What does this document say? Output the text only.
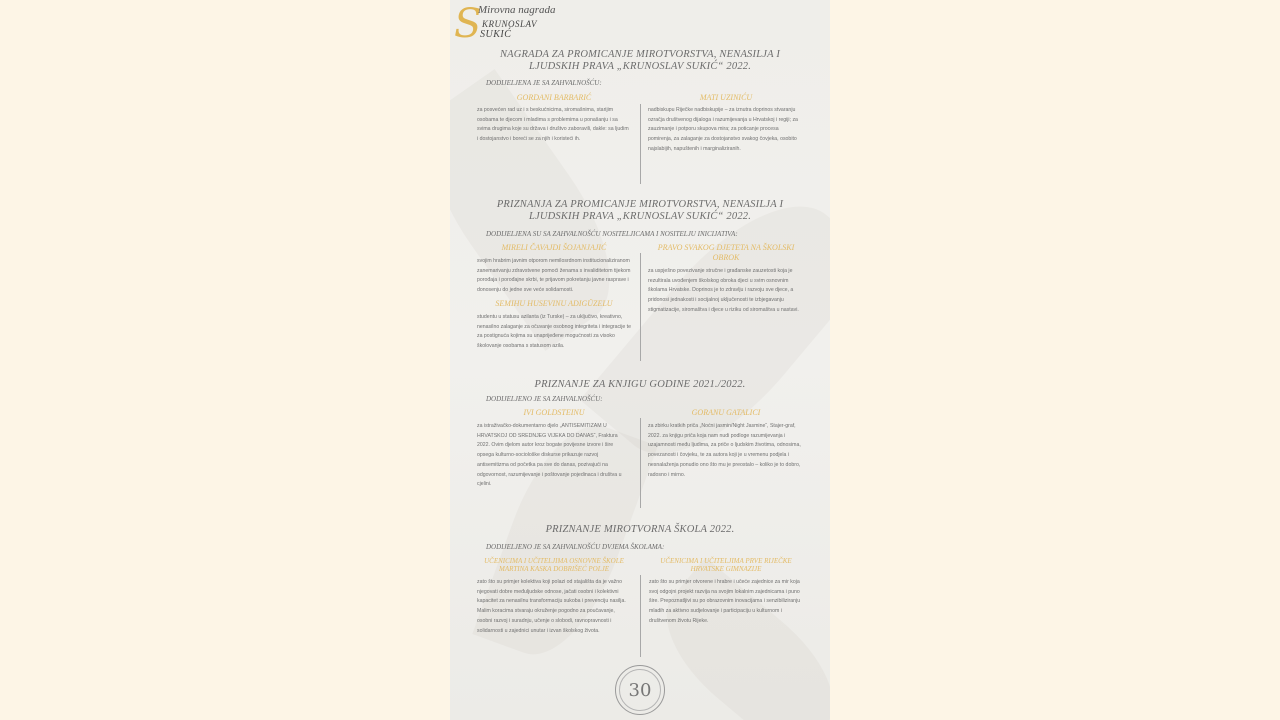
S
Mirovna nagrada
KRUNOSLAV
SUKIĆ
NAGRADA ZA PROMICANJE MIROTVORSTVA, NENASILJA I LJUDSKIH PRAVA „KRUNOSLAV SUKIĆ“ 2022.
DODIJELJENA JE SA ZAHVALNOŠĆU:
GORDANI BARBARIĆ
za posvećen rad uz i s beskućnicima, siromašnima, starijim osobama te djecom i mladima s problemima u ponašanju i sa svima drugima koje su država i društvo zaboravili, dakle: sa ljudim i dostojanstvo i boreći se za njih i koristeći ih.
MATI UZINIĆU
nadbiskupu Riječke nadbiskupije – za iznutra doprinos stvaranju ozračja društvenog dijaloga i razumijevanja u Hrvatskoj i regiji; za zauzimanje i potporu skupova mira; za poticanje procesa pomirenja, za zalaganje za dostojanstvo svakog čovjeka, osobito najslabijih, napuštenih i marginaliziranih.
PRIZNANJA ZA PROMICANJE MIROTVORSTVA, NENASILJA I LJUDSKIH PRAVA „KRUNOSLAV SUKIĆ“ 2022.
DODIJELJENA SU SA ZAHVALNOŠĆU NOSITELJICAMA I NOSITELJU INICIJATIVA:
MIRELI ČAVAJDI ŠOJANJAJIĆ
svojim hrabrim javnim otporom nemilosrdnom institucionaliziranom zanemarivanju zdravstvene pomoći ženama s invaliditetom tijekom porođaja i porođajne skrbi, te prijavom pokretanju javne rasprave i donosenju do jedne sve veće solidarnosti.
SEMIHU HUSEVINU ADIGÜZELU
studentu u statusu azilanta (iz Turske) – za uključivo, kreativno, nenasilno zalaganje za očuvanje osobnog integriteta i integracije te za postignuća kojima su unaprijeđene mogućnosti za visoko školovanje osobama s statusom azila.
PRAVO SVAKOG DJETETA NA ŠKOLSKI OBROK
za uspješno povezivanje stručne i građanske zauzetosti koja je rezultirala uvođenjem školskog obroka djeci u svim osnovnim školama Hrvatske. Doprinos je to zdravlju i razvoju sve djece, a pridonosi jednakosti i socijalnoj uključenosti te izbjegavanju stigmatizacije, siromaštva i djece u riziku od siromaštva u nastavi.
PRIZNANJE ZA KNJIGU GODINE 2021./2022.
DODIJELJENO JE SA ZAHVALNOŠĆU:
IVI GOLDSTEINU
za istraživačko-dokumentarno djelo „ANTISEMITIZAM U HRVATSKOJ OD SREDNJEG VIJEKA DO DANAS“, Fraktura 2022. Ovim djelom autor kroz bogate povijesne izvore i šire opsega kulturno-sociološke diskurse prikazuje razvoj antisemitizma od početka pa sve do danas, pozivajući na odgovornost, razumijevanje i poštovanje pojedinaca i društva u cjelini.
GORANU GATALICI
za zbirku kratkih priča „Noćni jasmin/Night Jasmine“, Stajer-graf, 2022. za knjigu priča koja nam nudi podloge razumijevanja i uzajamnosti među ljudima, za priče o ljudskim životima, odnosima, povezanosti i čovjeku, te za autora koji je u vremenu podjela i nesnalaženja ponudio ono što mu je preostalo – koliko je to dobro, radosno i mirno.
PRIZNANJE MIROTVORNA ŠKOLA 2022.
DODIJELJENO JE SA ZAHVALNOŠĆU DVJEMA ŠKOLAMA:
UČENICIMA I UČITELJIMA OSNOVNE ŠKOLE MARTINA KASKA DOBRIŠEĆ POLJE
zato što su primjer kolektiva koji polazi od stajališta da je važno njegovati dobre međuljudske odnose, jačati osobni i kolektivni kapacitet za nenasilnu transformaciju sukoba i prevenciju nasilja. Malim koracima stvaraju okruženje pogodno za poučavanje, osobni razvoj i suradnju, učenje o slobodi, ravnopravnosti i solidarnosti u zajednici unutar i izvan školskog života.
UČENICIMA I UČITELJIMA PRVE RIJEČKE HRVATSKE GIMNAZIJE
zato što su primjer otvorene i hrabre i učeće zajednice za mir koja svoj odgojni projekt razvija na svojim lokalnim zajednicama i puno šire. Prepoznatljivi su po obrazovnim inovacijama i senzibiliziranju mladih za aktivno sudjelovanje i participaciju u kulturnom i društvenom životu Rijeke.
30
